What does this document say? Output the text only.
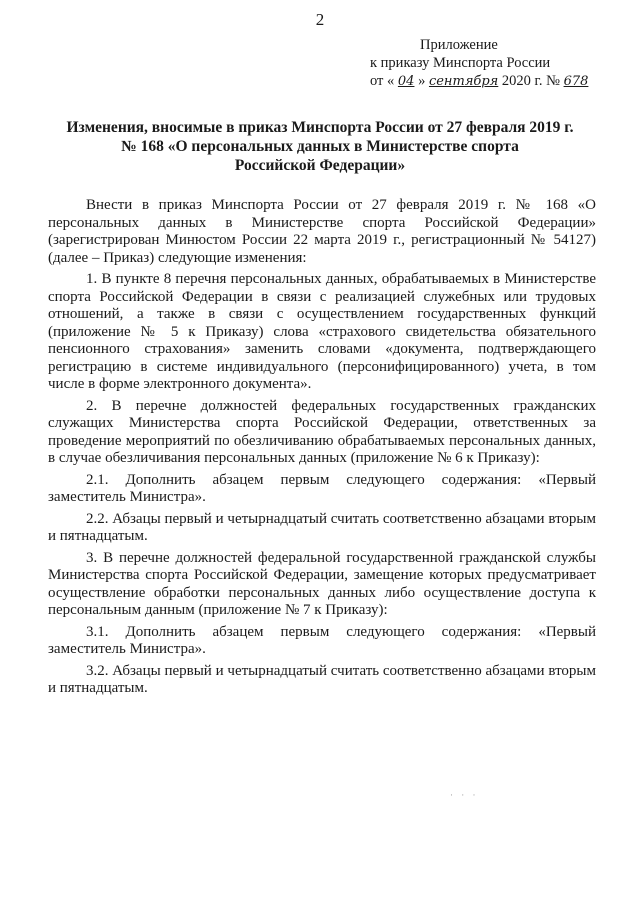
2
Приложение
к приказу Минспорта России
от « 04 » сентября 2020 г. № 678
Изменения, вносимые в приказ Минспорта России от 27 февраля 2019 г.
№ 168 «О персональных данных в Министерстве спорта
Российской Федерации»

Внести в приказ Минспорта России от 27 февраля 2019 г. № 168 «О персональных данных в Министерстве спорта Российской Федерации» (зарегистрирован Минюстом России 22 марта 2019 г., регистрационный № 54127) (далее – Приказ) следующие изменения:

1. В пункте 8 перечня персональных данных, обрабатываемых в Министерстве спорта Российской Федерации в связи с реализацией служебных или трудовых отношений, а также в связи с осуществлением государственных функций (приложение № 5 к Приказу) слова «страхового свидетельства обязательного пенсионного страхования» заменить словами «документа, подтверждающего регистрацию в системе индивидуального (персонифицированного) учета, в том числе в форме электронного документа».

2. В перечне должностей федеральных государственных гражданских служащих Министерства спорта Российской Федерации, ответственных за проведение мероприятий по обезличиванию обрабатываемых персональных данных, в случае обезличивания персональных данных (приложение № 6 к Приказу):

2.1. Дополнить абзацем первым следующего содержания: «Первый заместитель Министра».

2.2. Абзацы первый и четырнадцатый считать соответственно абзацами вторым и пятнадцатым.

3. В перечне должностей федеральной государственной гражданской службы Министерства спорта Российской Федерации, замещение которых предусматривает осуществление обработки персональных данных либо осуществление доступа к персональным данным (приложение № 7 к Приказу):

3.1. Дополнить абзацем первым следующего содержания: «Первый заместитель Министра».

3.2. Абзацы первый и четырнадцатый считать соответственно абзацами вторым и пятнадцатым.

· · ·
